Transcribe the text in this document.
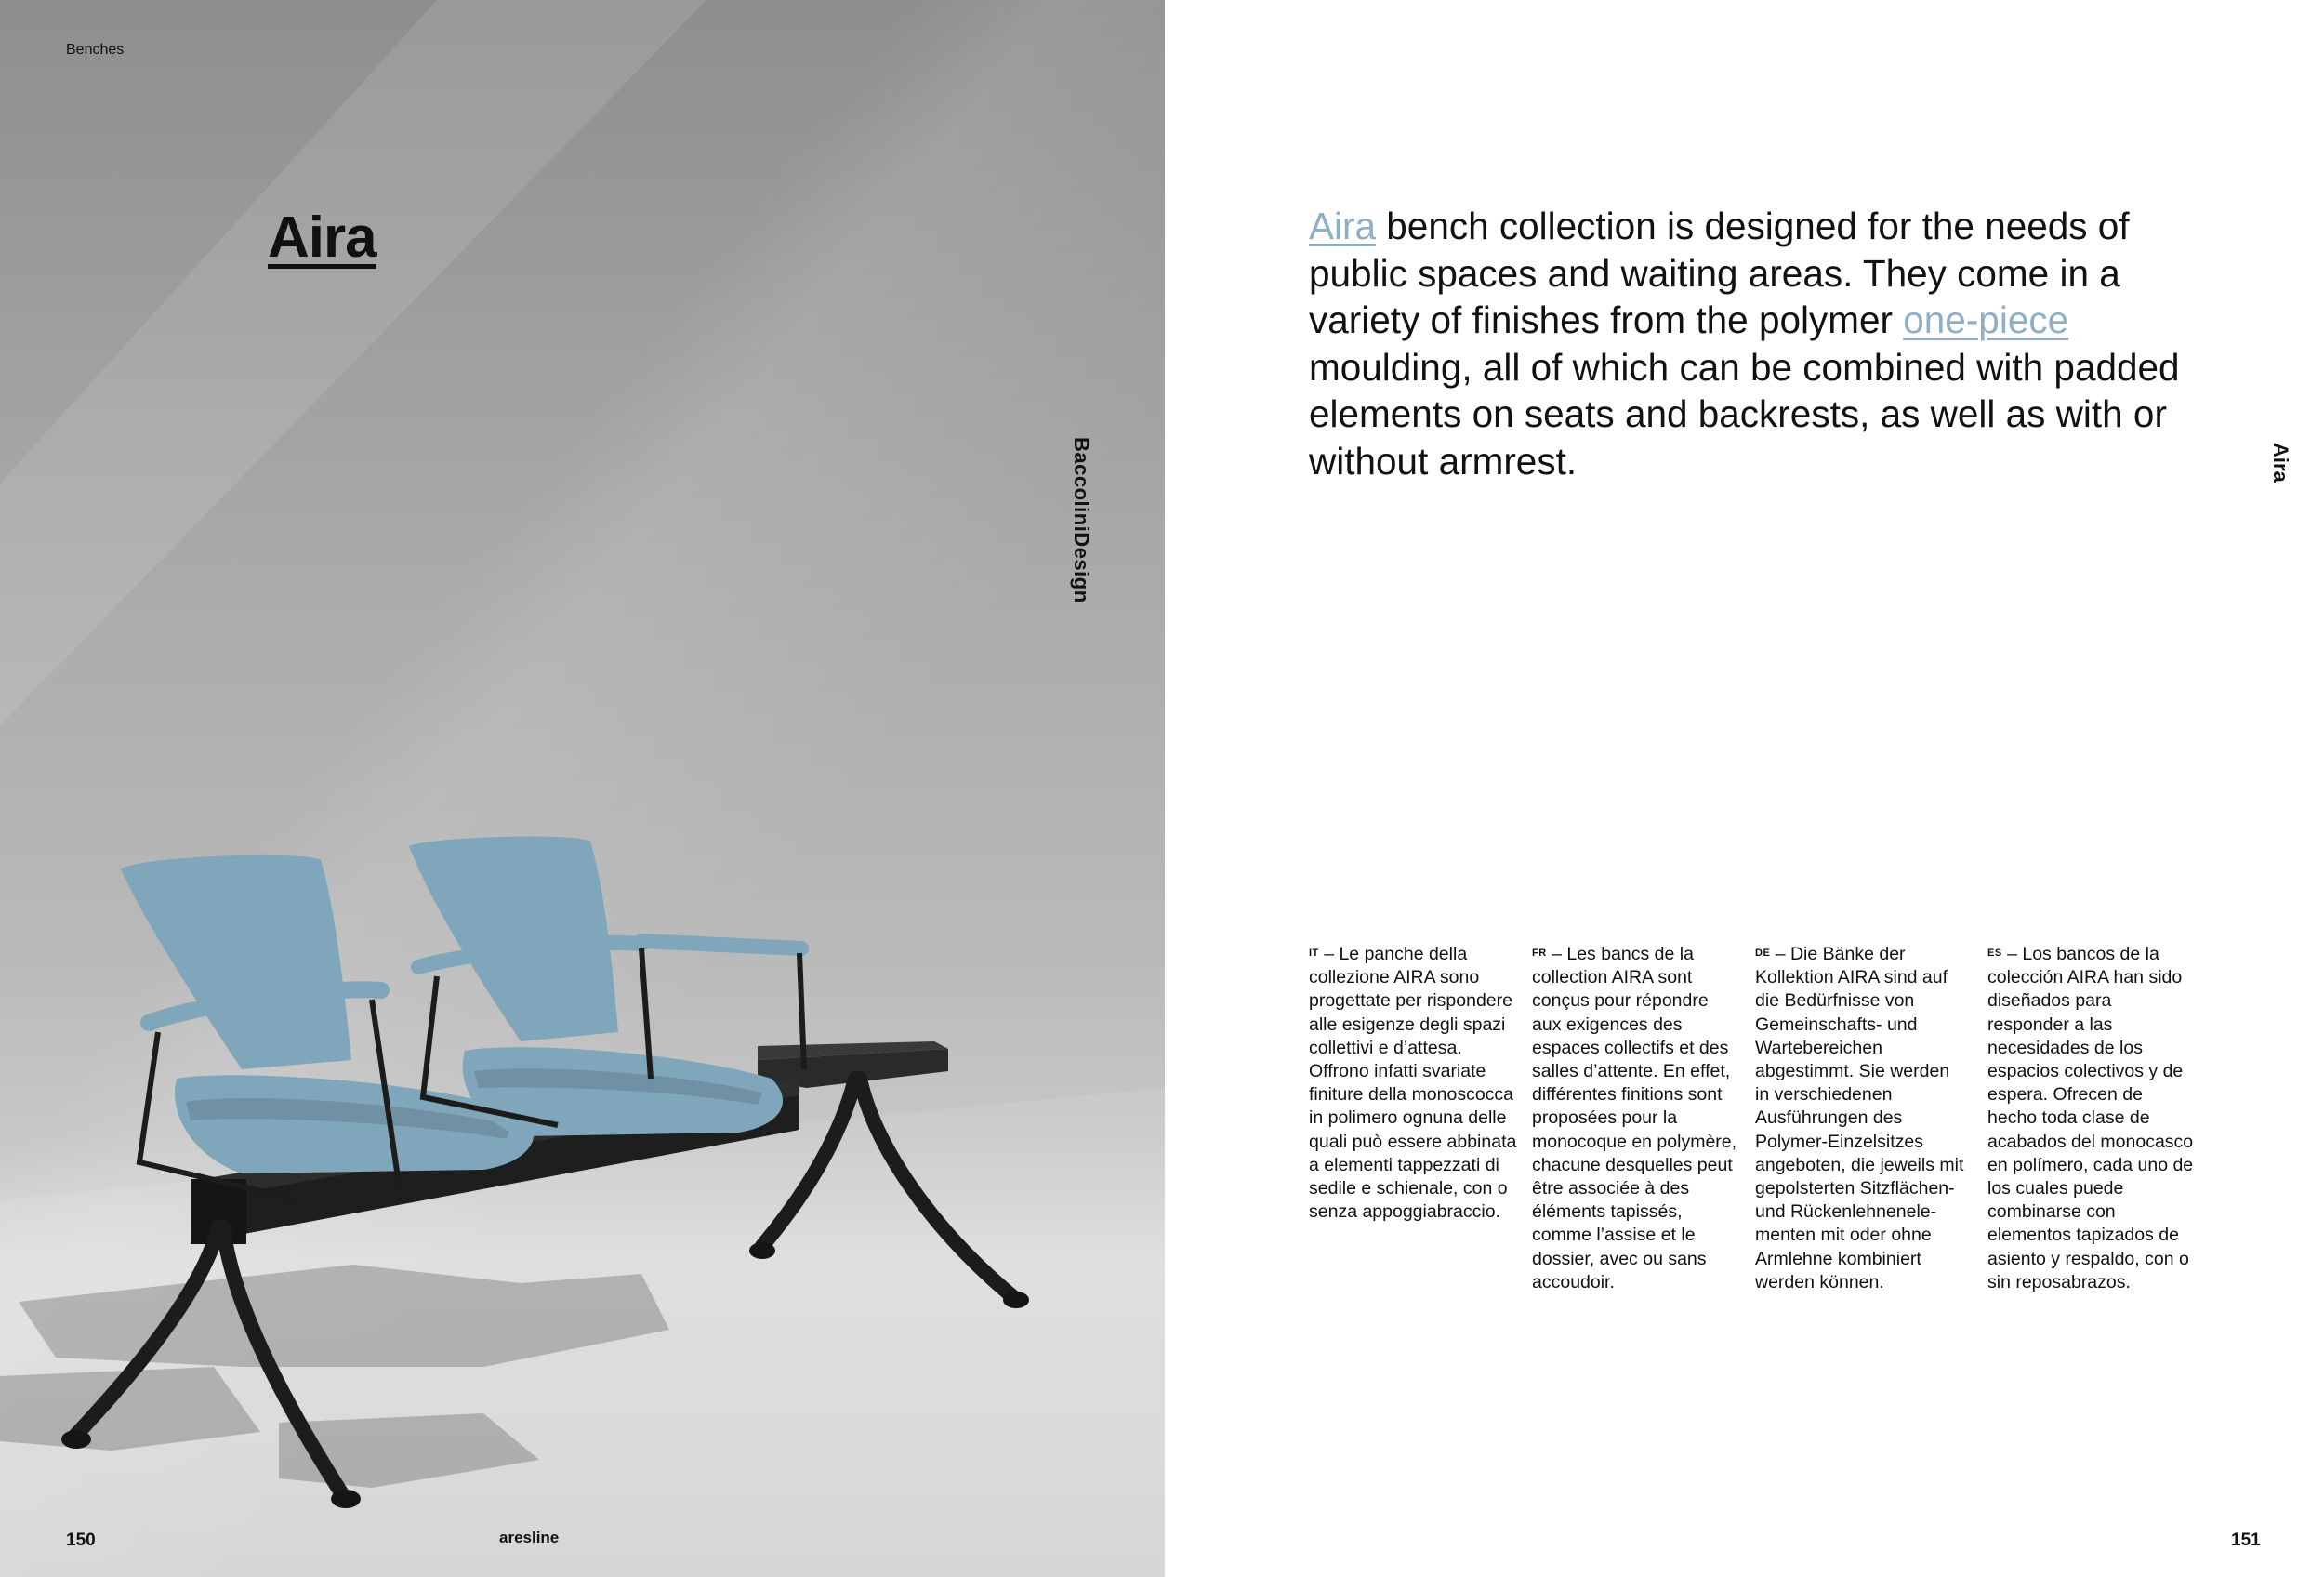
Benches
Aira
BaccoliniDesign
150	aresline

Aira bench collection is designed for the needs of public spaces and waiting areas. They come in a variety of finishes from the polymer one-piece moulding, all of which can be combined with padded elements on seats and backrests, as well as with or without armrest.	Aira

$^{IT}$ – Le panche della collezione AIRA sono progettate per rispondere alle esigenze degli spazi collettivi e d’attesa. Offrono infatti svariate finiture della monoscocca in polimero ognuna delle quali può essere abbinata a elementi tappezzati di sedile e schienale, con o senza appoggiabraccio.

$^{FR}$ – Les bancs de la collection AIRA sont conçus pour répondre aux exigences des espaces collectifs et des salles d’attente. En effet, différentes finitions sont proposées pour la monocoque en polymère, chacune desquelles peut être associée à des éléments tapissés, comme l’assise et le dossier, avec ou sans accoudoir.

$^{DE}$ – Die Bänke der Kollektion AIRA sind auf die Bedürfnisse von Gemeinschafts- und Wartebereichen abgestimmt. Sie werden in verschiedenen Ausführungen des Polymer-Einzelsitzes angeboten, die jeweils mit gepolsterten Sitzflächen- und Rückenlehnenele- menten mit oder ohne Armlehne kombiniert werden können.

$^{ES}$ – Los bancos de la colección AIRA han sido diseñados para responder a las necesidades de los espacios colectivos y de espera. Ofrecen de hecho toda clase de acabados del monocasco en polímero, cada uno de los cuales puede combinarse con elementos tapizados de asiento y respaldo, con o sin reposabrazos.

151
